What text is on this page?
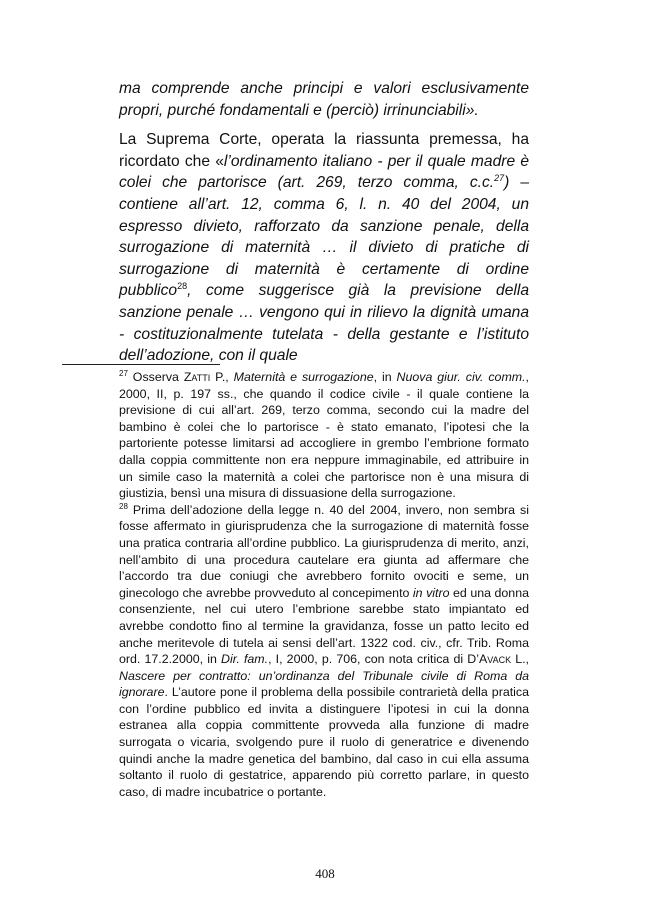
ma comprende anche principi e valori esclusivamente propri, purché fondamentali e (perciò) irrinunciabili».

La Suprema Corte, operata la riassunta premessa, ha ricordato che «l’ordinamento italiano - per il quale madre è colei che partorisce (art. 269, terzo comma, c.c.$^{27}$) – contiene all’art. 12, comma 6, l. n. 40 del 2004, un espresso divieto, rafforzato da sanzione penale, della surrogazione di maternità … il divieto di pratiche di surrogazione di maternità è certamente di ordine pubblico$^{28}$, come suggerisce già la previsione della sanzione penale … vengono qui in rilievo la dignità umana - costituzionalmente tutelata - della gestante e l’istituto dell’adozione, con il quale

$^{27}$ Osserva Zatti P., Maternità e surrogazione, in Nuova giur. civ. comm., 2000, II, p. 197 ss., che quando il codice civile - il quale contiene la previsione di cui all’art. 269, terzo comma, secondo cui la madre del bambino è colei che lo partorisce - è stato emanato, l’ipotesi che la partoriente potesse limitarsi ad accogliere in grembo l’embrione formato dalla coppia committente non era neppure immaginabile, ed attribuire in un simile caso la maternità a colei che partorisce non è una misura di giustizia, bensì una misura di dissuasione della surrogazione.

$^{28}$ Prima dell’adozione della legge n. 40 del 2004, invero, non sembra si fosse affermato in giurisprudenza che la surrogazione di maternità fosse una pratica contraria all’ordine pubblico. La giurisprudenza di merito, anzi, nell’ambito di una procedura cautelare era giunta ad affermare che l’accordo tra due coniugi che avrebbero fornito ovociti e seme, un ginecologo che avrebbe provveduto al concepimento in vitro ed una donna consenziente, nel cui utero l’embrione sarebbe stato impiantato ed avrebbe condotto fino al termine la gravidanza, fosse un patto lecito ed anche meritevole di tutela ai sensi dell’art. 1322 cod. civ., cfr. Trib. Roma ord. 17.2.2000, in Dir. fam., I, 2000, p. 706, con nota critica di D’Avack L., Nascere per contratto: un’ordinanza del Tribunale civile di Roma da ignorare. L’autore pone il problema della possibile contrarietà della pratica con l’ordine pubblico ed invita a distinguere l’ipotesi in cui la donna estranea alla coppia committente provveda alla funzione di madre surrogata o vicaria, svolgendo pure il ruolo di generatrice e divenendo quindi anche la madre genetica del bambino, dal caso in cui ella assuma soltanto il ruolo di gestatrice, apparendo più corretto parlare, in questo caso, di madre incubatrice o portante.

408
